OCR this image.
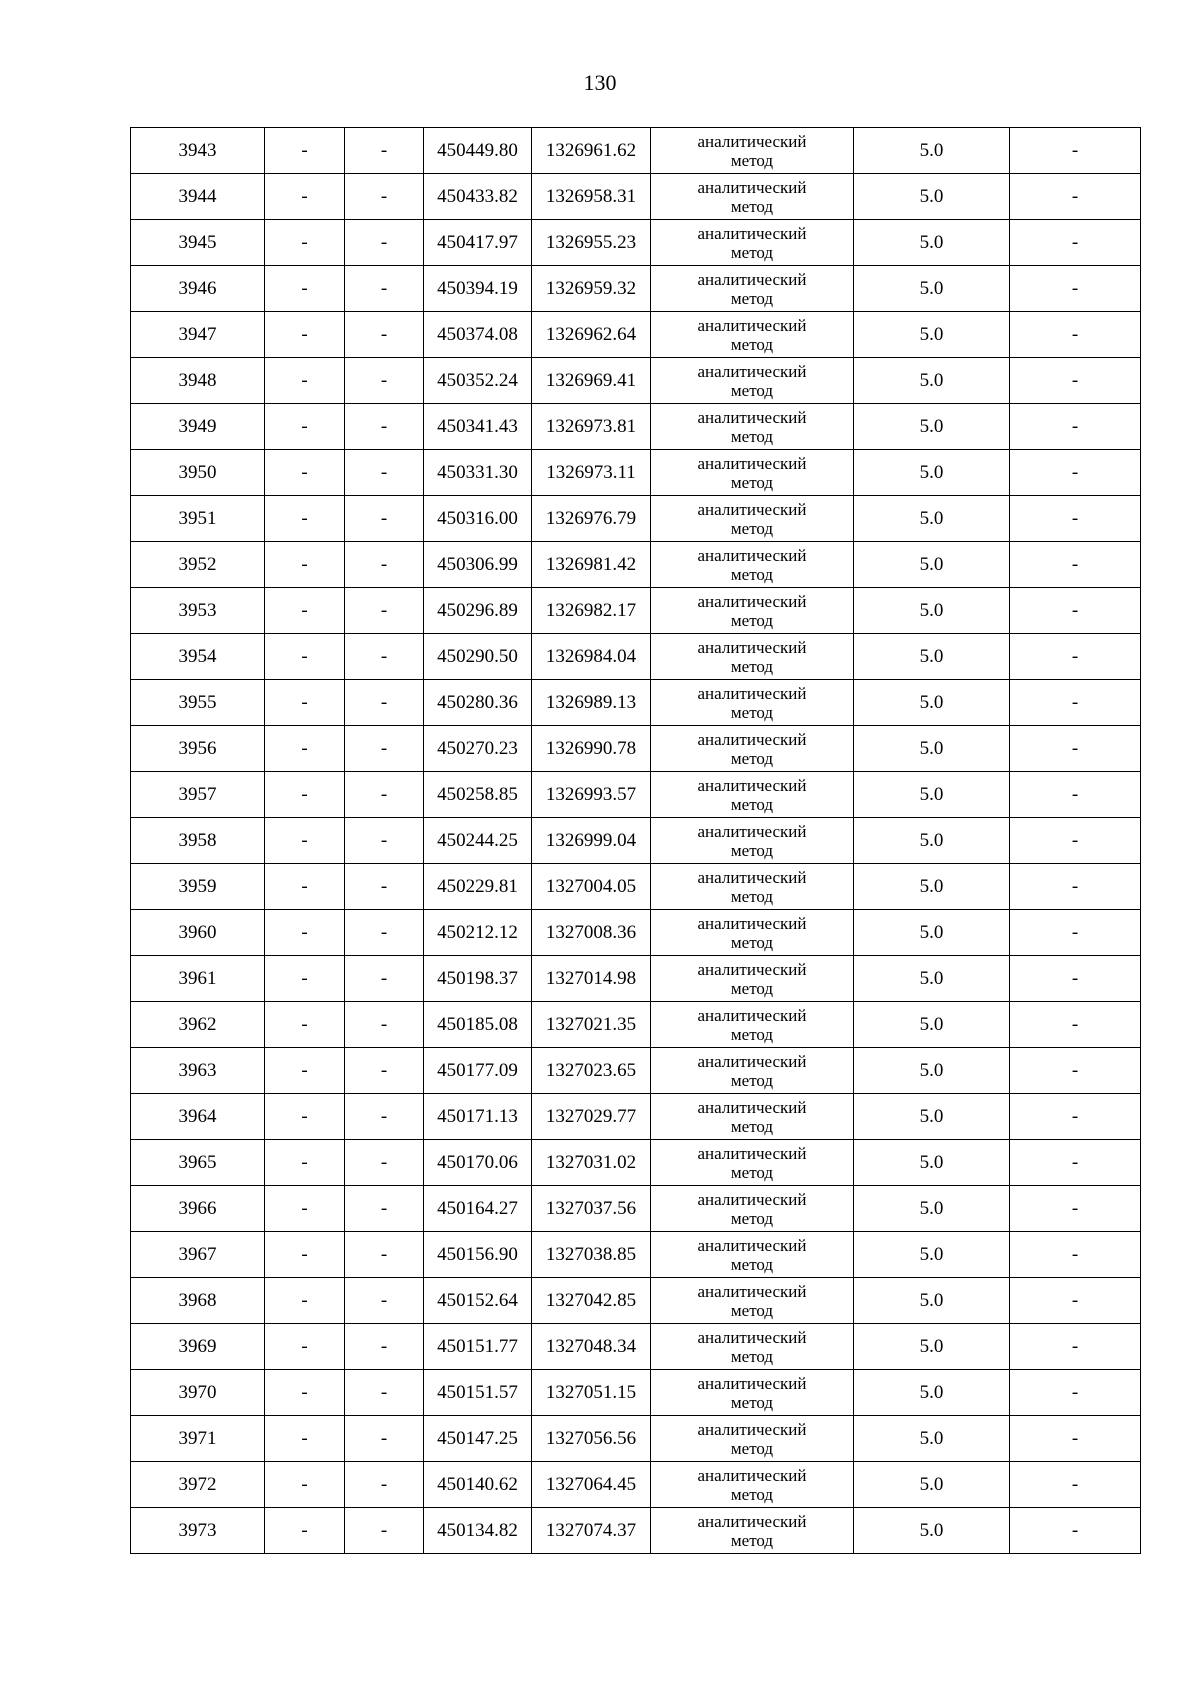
130
3943	-	-	450449.80	1326961.62	аналитический метод	5.0	-
3944	-	-	450433.82	1326958.31	аналитический метод	5.0	-
3945	-	-	450417.97	1326955.23	аналитический метод	5.0	-
3946	-	-	450394.19	1326959.32	аналитический метод	5.0	-
3947	-	-	450374.08	1326962.64	аналитический метод	5.0	-
3948	-	-	450352.24	1326969.41	аналитический метод	5.0	-
3949	-	-	450341.43	1326973.81	аналитический метод	5.0	-
3950	-	-	450331.30	1326973.11	аналитический метод	5.0	-
3951	-	-	450316.00	1326976.79	аналитический метод	5.0	-
3952	-	-	450306.99	1326981.42	аналитический метод	5.0	-
3953	-	-	450296.89	1326982.17	аналитический метод	5.0	-
3954	-	-	450290.50	1326984.04	аналитический метод	5.0	-
3955	-	-	450280.36	1326989.13	аналитический метод	5.0	-
3956	-	-	450270.23	1326990.78	аналитический метод	5.0	-
3957	-	-	450258.85	1326993.57	аналитический метод	5.0	-
3958	-	-	450244.25	1326999.04	аналитический метод	5.0	-
3959	-	-	450229.81	1327004.05	аналитический метод	5.0	-
3960	-	-	450212.12	1327008.36	аналитический метод	5.0	-
3961	-	-	450198.37	1327014.98	аналитический метод	5.0	-
3962	-	-	450185.08	1327021.35	аналитический метод	5.0	-
3963	-	-	450177.09	1327023.65	аналитический метод	5.0	-
3964	-	-	450171.13	1327029.77	аналитический метод	5.0	-
3965	-	-	450170.06	1327031.02	аналитический метод	5.0	-
3966	-	-	450164.27	1327037.56	аналитический метод	5.0	-
3967	-	-	450156.90	1327038.85	аналитический метод	5.0	-
3968	-	-	450152.64	1327042.85	аналитический метод	5.0	-
3969	-	-	450151.77	1327048.34	аналитический метод	5.0	-
3970	-	-	450151.57	1327051.15	аналитический метод	5.0	-
3971	-	-	450147.25	1327056.56	аналитический метод	5.0	-
3972	-	-	450140.62	1327064.45	аналитический метод	5.0	-
3973	-	-	450134.82	1327074.37	аналитический метод	5.0	-
